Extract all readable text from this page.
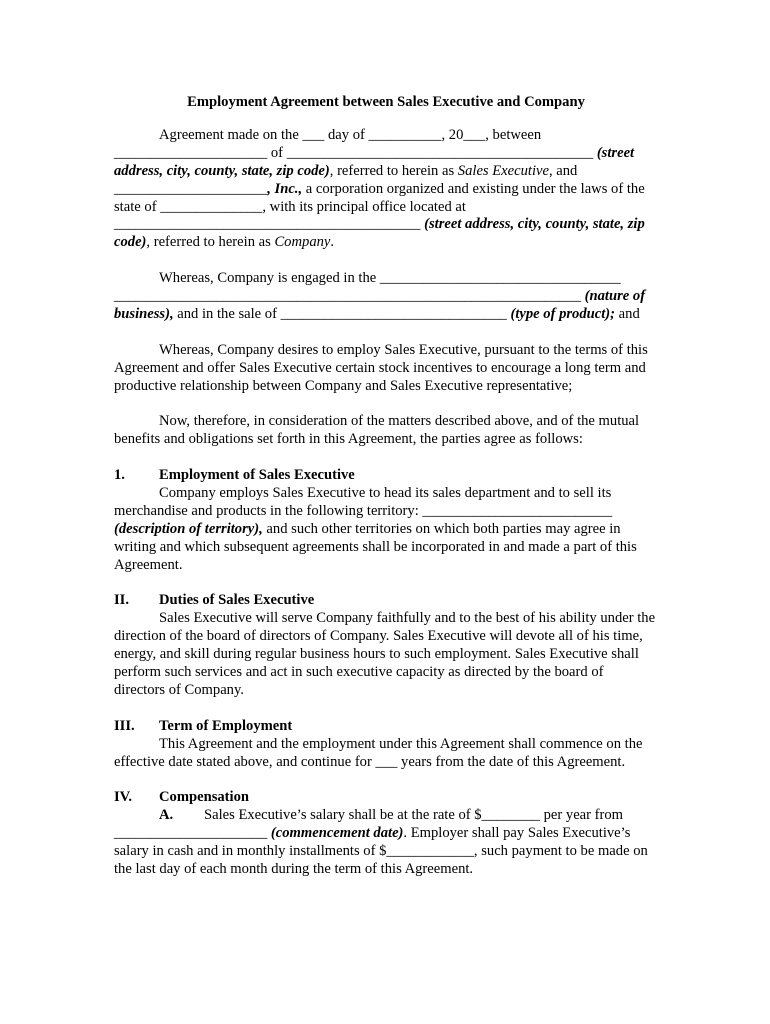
Employment Agreement between Sales Executive and Company

Agreement made on the ___ day of __________, 20___, between _____________________ of __________________________________________ (street address, city, county, state, zip code), referred to herein as Sales Executive, and _____________________, Inc., a corporation organized and existing under the laws of the state of ______________, with its principal office located at __________________________________________ (street address, city, county, state, zip code), referred to herein as Company.

Whereas, Company is engaged in the _________________________________ ________________________________________________________________ (nature of business), and in the sale of _______________________________ (type of product); and

Whereas, Company desires to employ Sales Executive, pursuant to the terms of this Agreement and offer Sales Executive certain stock incentives to encourage a long term and productive relationship between Company and Sales Executive representative;

Now, therefore, in consideration of the matters described above, and of the mutual benefits and obligations set forth in this Agreement, the parties agree as follows:

1.	Employment of Sales Executive

Company employs Sales Executive to head its sales department and to sell its merchandise and products in the following territory: __________________________ (description of territory), and such other territories on which both parties may agree in writing and which subsequent agreements shall be incorporated in and made a part of this Agreement.

II.	Duties of Sales Executive

Sales Executive will serve Company faithfully and to the best of his ability under the direction of the board of directors of Company. Sales Executive will devote all of his time, energy, and skill during regular business hours to such employment. Sales Executive shall perform such services and act in such executive capacity as directed by the board of directors of Company.

III.	Term of Employment

This Agreement and the employment under this Agreement shall commence on the effective date stated above, and continue for ___ years from the date of this Agreement.

IV.	Compensation

A. Sales Executive’s salary shall be at the rate of $________ per year from _____________________ (commencement date). Employer shall pay Sales Executive’s salary in cash and in monthly installments of $____________, such payment to be made on the last day of each month during the term of this Agreement.
